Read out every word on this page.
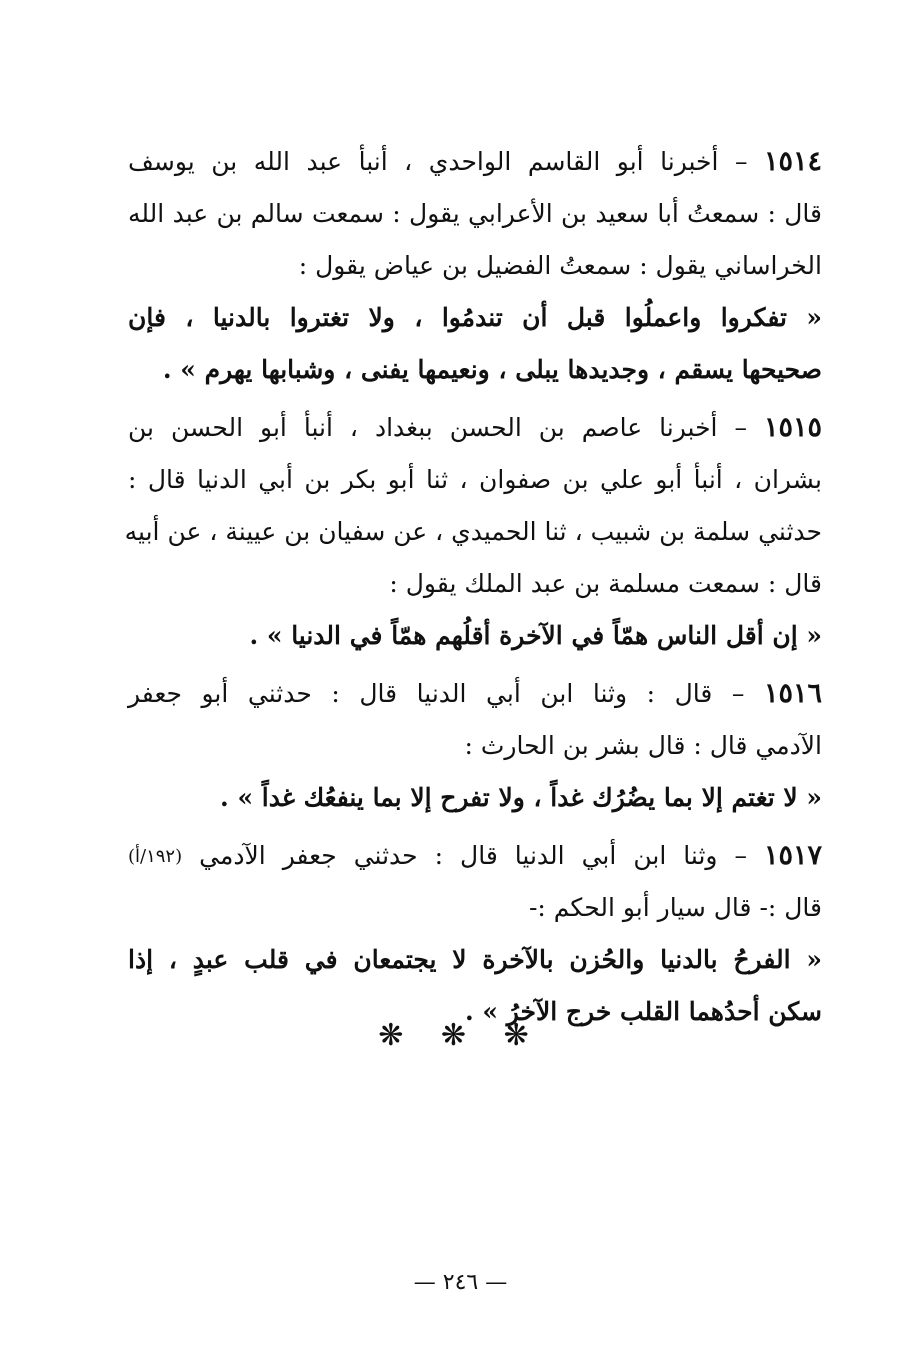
١٥١٤ – أخبرنا أبو القاسم الواحدي ، أنبأ عبد الله بن يوسف
قال : سمعتُ أبا سعيد بن الأعرابي يقول : سمعت سالم بن عبد الله
الخراساني يقول : سمعتُ الفضيل بن عياض يقول :
« تفكروا واعملُوا قبل أن تندمُوا ، ولا تغتروا بالدنيا ، فإن
صحيحها يسقم ، وجديدها يبلى ، ونعيمها يفنى ، وشبابها يهرم » .
١٥١٥ – أخبرنا عاصم بن الحسن ببغداد ، أنبأ أبو الحسن بن
بشران ، أنبأ أبو علي بن صفوان ، ثنا أبو بكر بن أبي الدنيا قال :
حدثني سلمة بن شبيب ، ثنا الحميدي ، عن سفيان بن عيينة ، عن أبيه
قال : سمعت مسلمة بن عبد الملك يقول :
« إن أقل الناس همّاً في الآخرة أقلُهم همّاً في الدنيا » .
١٥١٦ – قال : وثنا ابن أبي الدنيا قال : حدثني أبو جعفر
الآدمي قال : قال بشر بن الحارث :
« لا تغتم إلا بما يضُرُك غداً ، ولا تفرح إلا بما ينفعُك غداً » .
١٥١٧ – وثنا ابن أبي الدنيا قال : حدثني جعفر الآدمي (١٩٢/أ)
قال :- قال سيار أبو الحكم :-
« الفرحُ بالدنيا والحُزن بالآخرة لا يجتمعان في قلب عبدٍ ، إذا
سكن أحدُهما القلب خرج الآخرُ » .
❋ ❋ ❋
— ٢٤٦ —
